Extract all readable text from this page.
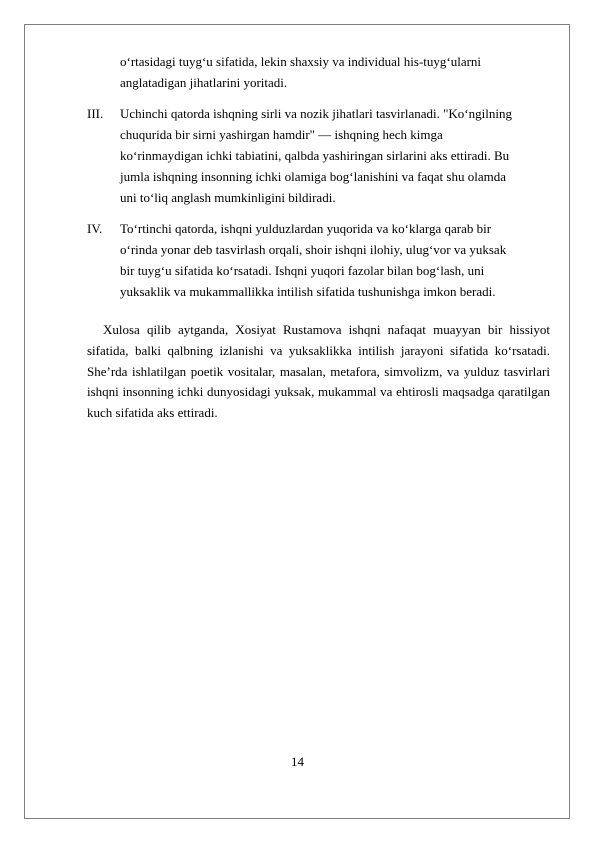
o‘rtasidagi tuyg‘u sifatida, lekin shaxsiy va individual his-tuyg‘ularni
anglatadigan jihatlarini yoritadi.
III. Uchinchi qatorda ishqning sirli va nozik jihatlari tasvirlanadi. "Ko‘ngilning
chuqurida bir sirni yashirgan hamdir" — ishqning hech kimga
ko‘rinmaydigan ichki tabiatini, qalbda yashiringan sirlarini aks ettiradi. Bu
jumla ishqning insonning ichki olamiga bog‘lanishini va faqat shu olamda
uni to‘liq anglash mumkinligini bildiradi.
IV. To‘rtinchi qatorda, ishqni yulduzlardan yuqorida va ko‘klarga qarab bir
o‘rinda yonar deb tasvirlash orqali, shoir ishqni ilohiy, ulug‘vor va yuksak
bir tuyg‘u sifatida ko‘rsatadi. Ishqni yuqori fazolar bilan bog‘lash, uni
yuksaklik va mukammallikka intilish sifatida tushunishga imkon beradi.
Xulosa qilib aytganda, Xosiyat Rustamova ishqni nafaqat muayyan bir hissiyot sifatida, balki qalbning izlanishi va yuksaklikka intilish jarayoni sifatida ko‘rsatadi. She’rda ishlatilgan poetik vositalar, masalan, metafora, simvolizm, va yulduz tasvirlari ishqni insonning ichki dunyosidagi yuksak, mukammal va ehtirosli maqsadga qaratilgan kuch sifatida aks ettiradi.
14
